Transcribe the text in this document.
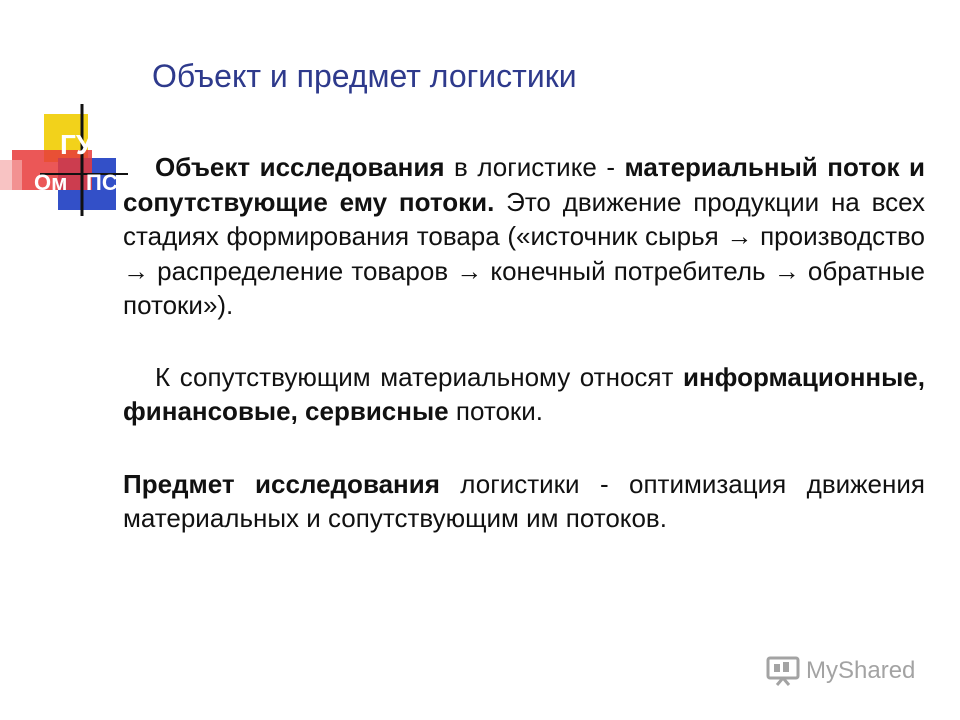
Объект и предмет логистики
ГУ
Ом ПС

Объект исследования в логистике - материальный поток и сопутствующие ему потоки. Это движение продукции на всех стадиях формирования товара («источник сырья → производство → распределение товаров → конечный потребитель → обратные потоки»).

К сопутствующим материальному относят информационные, финансовые, сервисные потоки.

Предмет исследования логистики - оптимизация движения материальных и сопутствующим им потоков.

MyShared
